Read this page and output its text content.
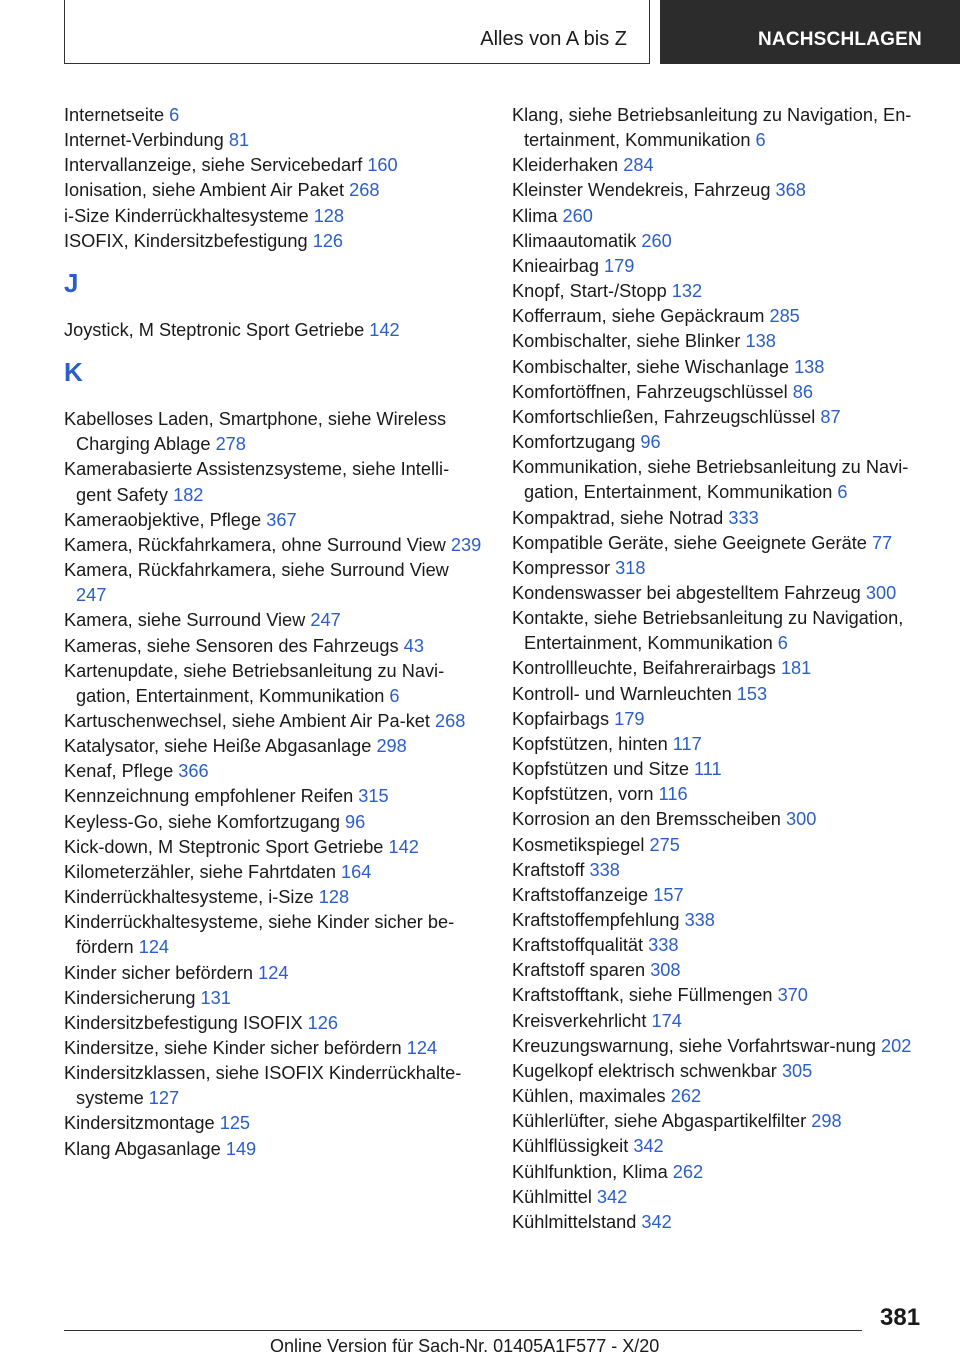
Alles von A bis Z	NACHSCHLAGEN
Internetseite 6
Internet-Verbindung 81
Intervallanzeige, siehe Servicebedarf 160
Ionisation, siehe Ambient Air Paket 268
i-Size Kinderrückhaltesysteme 128
ISOFIX, Kindersitzbefestigung 126
J
Joystick, M Steptronic Sport Getriebe 142
K
Kabelloses Laden, Smartphone, siehe Wireless Charging Ablage 278
Kamerabasierte Assistenzsysteme, siehe Intelli-gent Safety 182
Kameraobjektive, Pflege 367
Kamera, Rückfahrkamera, ohne Surround View 239
Kamera, Rückfahrkamera, siehe Surround View 247
Kamera, siehe Surround View 247
Kameras, siehe Sensoren des Fahrzeugs 43
Kartenupdate, siehe Betriebsanleitung zu Navi-gation, Entertainment, Kommunikation 6
Kartuschenwechsel, siehe Ambient Air Pa-ket 268
Katalysator, siehe Heiße Abgasanlage 298
Kenaf, Pflege 366
Kennzeichnung empfohlener Reifen 315
Keyless-Go, siehe Komfortzugang 96
Kick-down, M Steptronic Sport Getriebe 142
Kilometerzähler, siehe Fahrtdaten 164
Kinderrückhaltesysteme, i-Size 128
Kinderrückhaltesysteme, siehe Kinder sicher be-fördern 124
Kinder sicher befördern 124
Kindersicherung 131
Kindersitzbefestigung ISOFIX 126
Kindersitze, siehe Kinder sicher befördern 124
Kindersitzklassen, siehe ISOFIX Kinderrückhalte-systeme 127
Kindersitzmontage 125
Klang Abgasanlage 149
Klang, siehe Betriebsanleitung zu Navigation, En-tertainment, Kommunikation 6
Kleiderhaken 284
Kleinster Wendekreis, Fahrzeug 368
Klima 260
Klimaautomatik 260
Knieairbag 179
Knopf, Start-/Stopp 132
Kofferraum, siehe Gepäckraum 285
Kombischalter, siehe Blinker 138
Kombischalter, siehe Wischanlage 138
Komfortöffnen, Fahrzeugschlüssel 86
Komfortschließen, Fahrzeugschlüssel 87
Komfortzugang 96
Kommunikation, siehe Betriebsanleitung zu Navi-gation, Entertainment, Kommunikation 6
Kompaktrad, siehe Notrad 333
Kompatible Geräte, siehe Geeignete Geräte 77
Kompressor 318
Kondenswasser bei abgestelltem Fahrzeug 300
Kontakte, siehe Betriebsanleitung zu Navigation, Entertainment, Kommunikation 6
Kontrollleuchte, Beifahrerairbags 181
Kontroll- und Warnleuchten 153
Kopfairbags 179
Kopfstützen, hinten 117
Kopfstützen und Sitze 111
Kopfstützen, vorn 116
Korrosion an den Bremsscheiben 300
Kosmetikspiegel 275
Kraftstoff 338
Kraftstoffanzeige 157
Kraftstoffempfehlung 338
Kraftstoffqualität 338
Kraftstoff sparen 308
Kraftstofftank, siehe Füllmengen 370
Kreisverkehrlicht 174
Kreuzungswarnung, siehe Vorfahrtswar-nung 202
Kugelkopf elektrisch schwenkbar 305
Kühlen, maximales 262
Kühlerlüfter, siehe Abgaspartikelfilter 298
Kühlflüssigkeit 342
Kühlfunktion, Klima 262
Kühlmittel 342
Kühlmittelstand 342
381
Online Version für Sach-Nr. 01405A1F577 - X/20
